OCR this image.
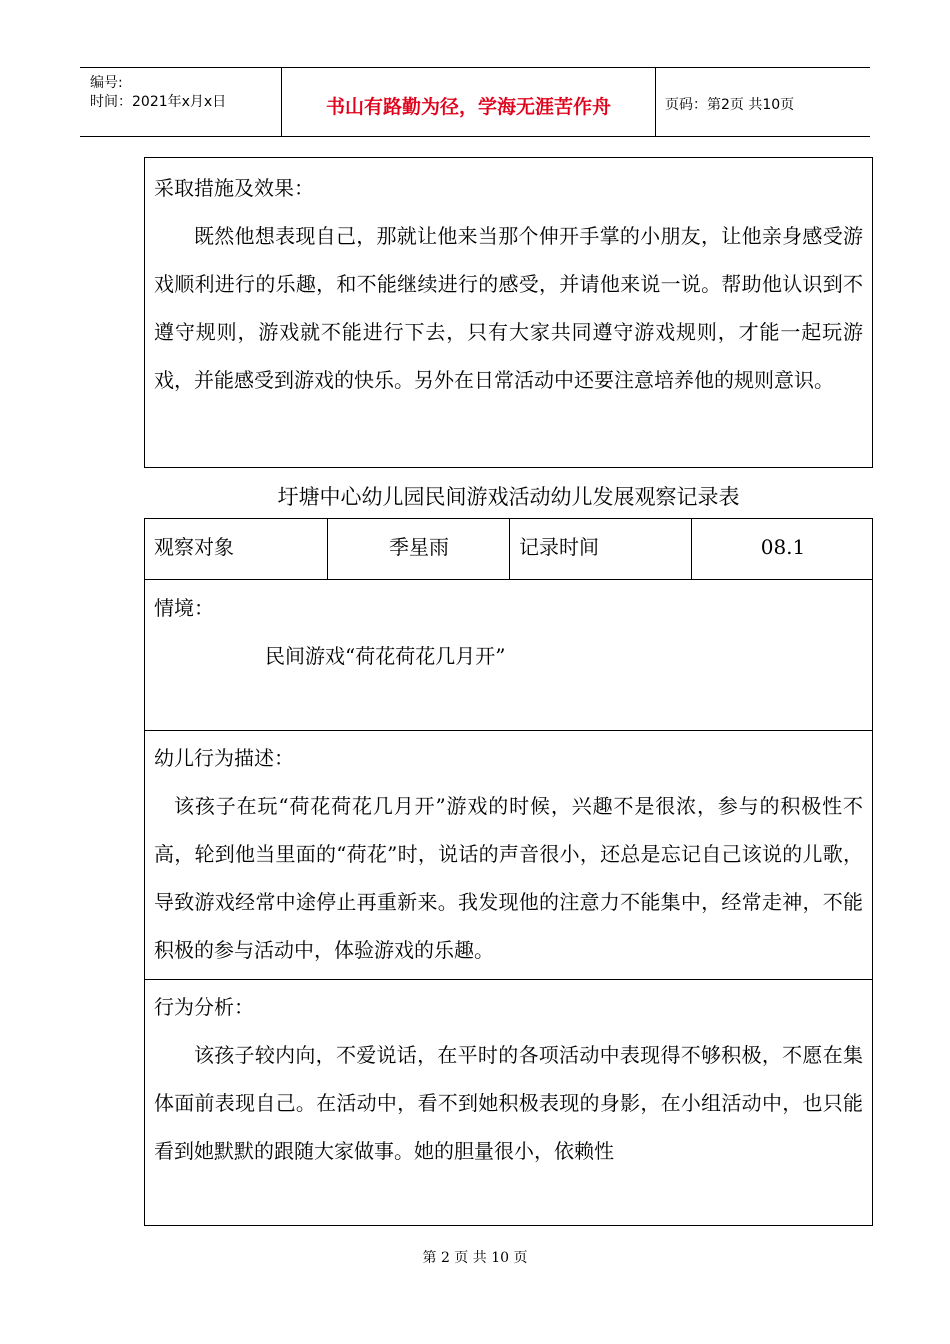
编号:
时间：2021年x月x日	书山有路勤为径，学海无涯苦作舟	页码：第2页 共10页
采取措施及效果：
既然他想表现自己，那就让他来当那个伸开手掌的小朋友，让他亲身感受游戏顺利进行的乐趣，和不能继续进行的感受，并请他来说一说。帮助他认识到不遵守规则，游戏就不能进行下去，只有大家共同遵守游戏规则，才能一起玩游戏，并能感受到游戏的快乐。另外在日常活动中还要注意培养他的规则意识。
圩塘中心幼儿园民间游戏活动幼儿发展观察记录表
观察对象	季星雨	记录时间	08.1
情境：
民间游戏“荷花荷花几月开”
幼儿行为描述：
该孩子在玩“荷花荷花几月开”游戏的时候，兴趣不是很浓，参与的积极性不高，轮到他当里面的“荷花”时，说话的声音很小，还总是忘记自己该说的儿歌，导致游戏经常中途停止再重新来。我发现他的注意力不能集中，经常走神，不能积极的参与活动中，体验游戏的乐趣。
行为分析：
该孩子较内向，不爱说话，在平时的各项活动中表现得不够积极，不愿在集体面前表现自己。在活动中，看不到她积极表现的身影，在小组活动中，也只能看到她默默的跟随大家做事。她的胆量很小，依赖性
第 2 页 共 10 页
